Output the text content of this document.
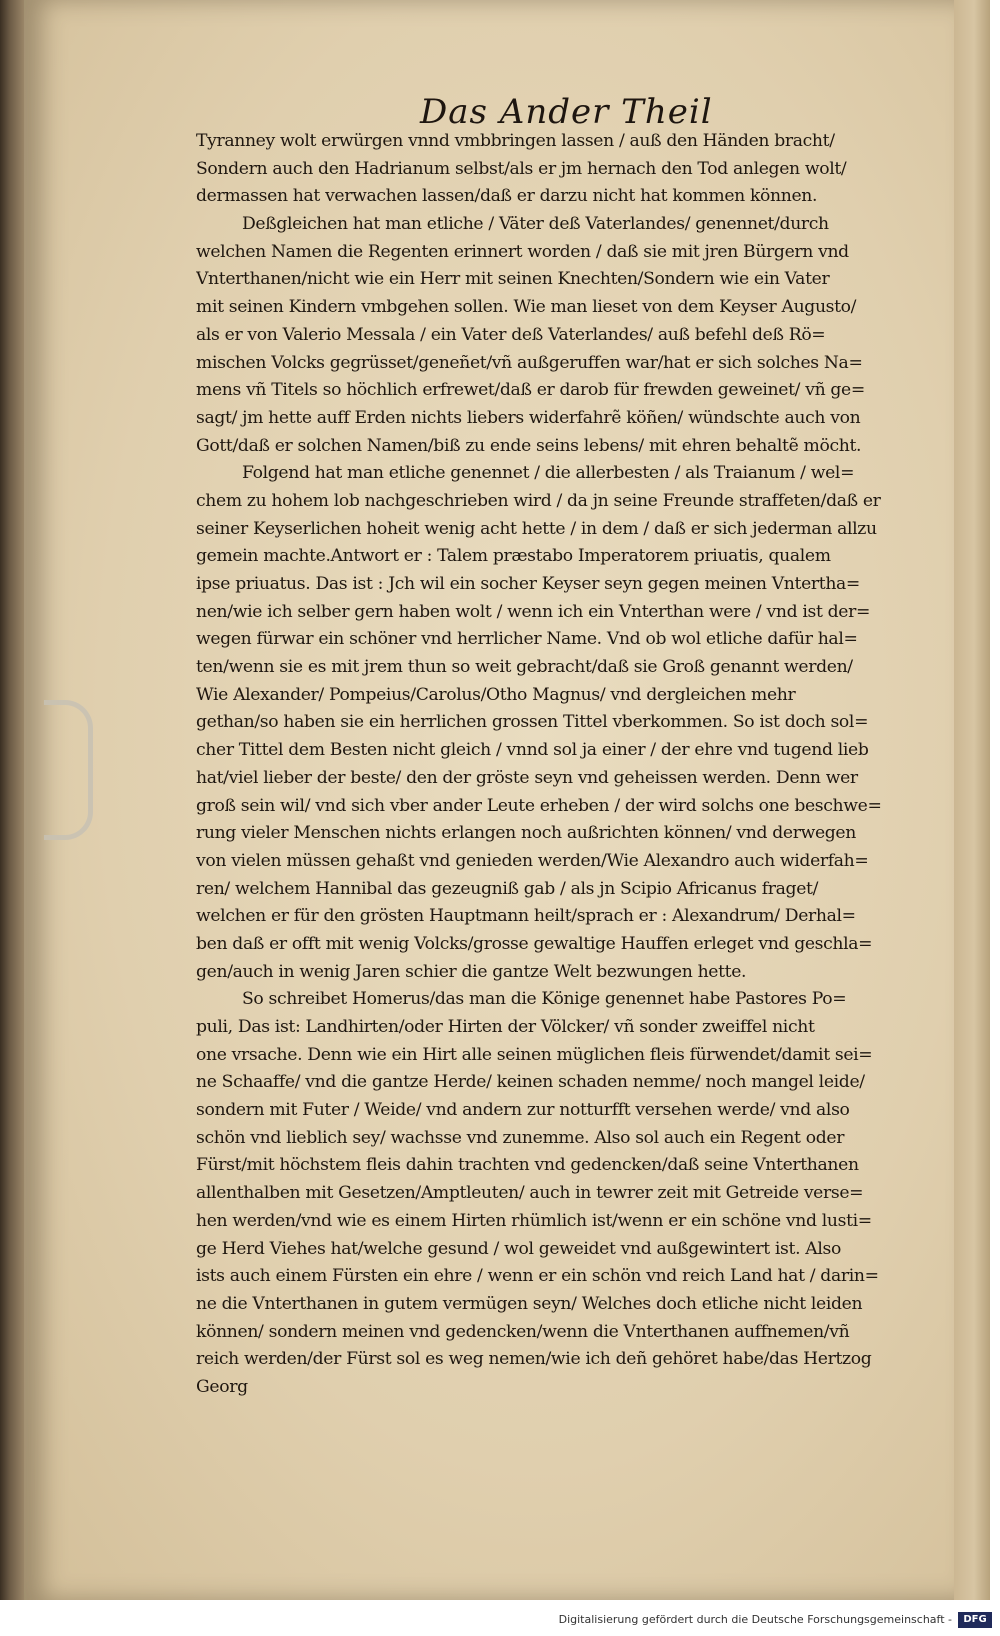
Das Ander Theil
Tyranney wolt erwürgen vnnd vmbbringen lassen / auß den Händen bracht/
Sondern auch den Hadrianum selbst/als er jm hernach den Tod anlegen wolt/
dermassen hat verwachen lassen/daß er darzu nicht hat kommen können.
Deßgleichen hat man etliche / Väter deß Vaterlandes/ genennet/durch
welchen Namen die Regenten erinnert worden / daß sie mit jren Bürgern vnd
Vnterthanen/nicht wie ein Herr mit seinen Knechten/Sondern wie ein Vater
mit seinen Kindern vmbgehen sollen. Wie man lieset von dem Keyser Augusto/
als er von Valerio Messala / ein Vater deß Vaterlandes/ auß befehl deß Rö=
mischen Volcks gegrüsset/geneñet/vñ außgeruffen war/hat er sich solches Na=
mens vñ Titels so höchlich erfrewet/daß er darob für frewden geweinet/ vñ ge=
sagt/ jm hette auff Erden nichts liebers widerfahrẽ köñen/ wündschte auch von
Gott/daß er solchen Namen/biß zu ende seins lebens/ mit ehren behaltẽ möcht.
Folgend hat man etliche genennet / die allerbesten / als Traianum / wel=
chem zu hohem lob nachgeschrieben wird / da jn seine Freunde straffeten/daß er
seiner Keyserlichen hoheit wenig acht hette / in dem / daß er sich jederman allzu
gemein machte.Antwort er : Talem præstabo Imperatorem priuatis, qualem
ipse priuatus. Das ist : Jch wil ein socher Keyser seyn gegen meinen Vntertha=
nen/wie ich selber gern haben wolt / wenn ich ein Vnterthan were / vnd ist der=
wegen fürwar ein schöner vnd herrlicher Name. Vnd ob wol etliche dafür hal=
ten/wenn sie es mit jrem thun so weit gebracht/daß sie Groß genannt werden/
Wie Alexander/ Pompeius/Carolus/Otho Magnus/ vnd dergleichen mehr
gethan/so haben sie ein herrlichen grossen Tittel vberkommen. So ist doch sol=
cher Tittel dem Besten nicht gleich / vnnd sol ja einer / der ehre vnd tugend lieb
hat/viel lieber der beste/ den der gröste seyn vnd geheissen werden. Denn wer
groß sein wil/ vnd sich vber ander Leute erheben / der wird solchs one beschwe=
rung vieler Menschen nichts erlangen noch außrichten können/ vnd derwegen
von vielen müssen gehaßt vnd genieden werden/Wie Alexandro auch widerfah=
ren/ welchem Hannibal das gezeugniß gab / als jn Scipio Africanus fraget/
welchen er für den grösten Hauptmann heilt/sprach er : Alexandrum/ Derhal=
ben daß er offt mit wenig Volcks/grosse gewaltige Hauffen erleget vnd geschla=
gen/auch in wenig Jaren schier die gantze Welt bezwungen hette.
So schreibet Homerus/das man die Könige genennet habe Pastores Po=
puli, Das ist: Landhirten/oder Hirten der Völcker/ vñ sonder zweiffel nicht
one vrsache. Denn wie ein Hirt alle seinen müglichen fleis fürwendet/damit sei=
ne Schaaffe/ vnd die gantze Herde/ keinen schaden nemme/ noch mangel leide/
sondern mit Futer / Weide/ vnd andern zur notturfft versehen werde/ vnd also
schön vnd lieblich sey/ wachsse vnd zunemme. Also sol auch ein Regent oder
Fürst/mit höchstem fleis dahin trachten vnd gedencken/daß seine Vnterthanen
allenthalben mit Gesetzen/Amptleuten/ auch in tewrer zeit mit Getreide verse=
hen werden/vnd wie es einem Hirten rhümlich ist/wenn er ein schöne vnd lusti=
ge Herd Viehes hat/welche gesund / wol geweidet vnd außgewintert ist. Also
ists auch einem Fürsten ein ehre / wenn er ein schön vnd reich Land hat / darin=
ne die Vnterthanen in gutem vermügen seyn/ Welches doch etliche nicht leiden
können/ sondern meinen vnd gedencken/wenn die Vnterthanen auffnemen/vñ
reich werden/der Fürst sol es weg nemen/wie ich deñ gehöret habe/das Hertzog
Georg
Digitalisierung gefördert durch die Deutsche Forschungsgemeinschaft -	DFG
